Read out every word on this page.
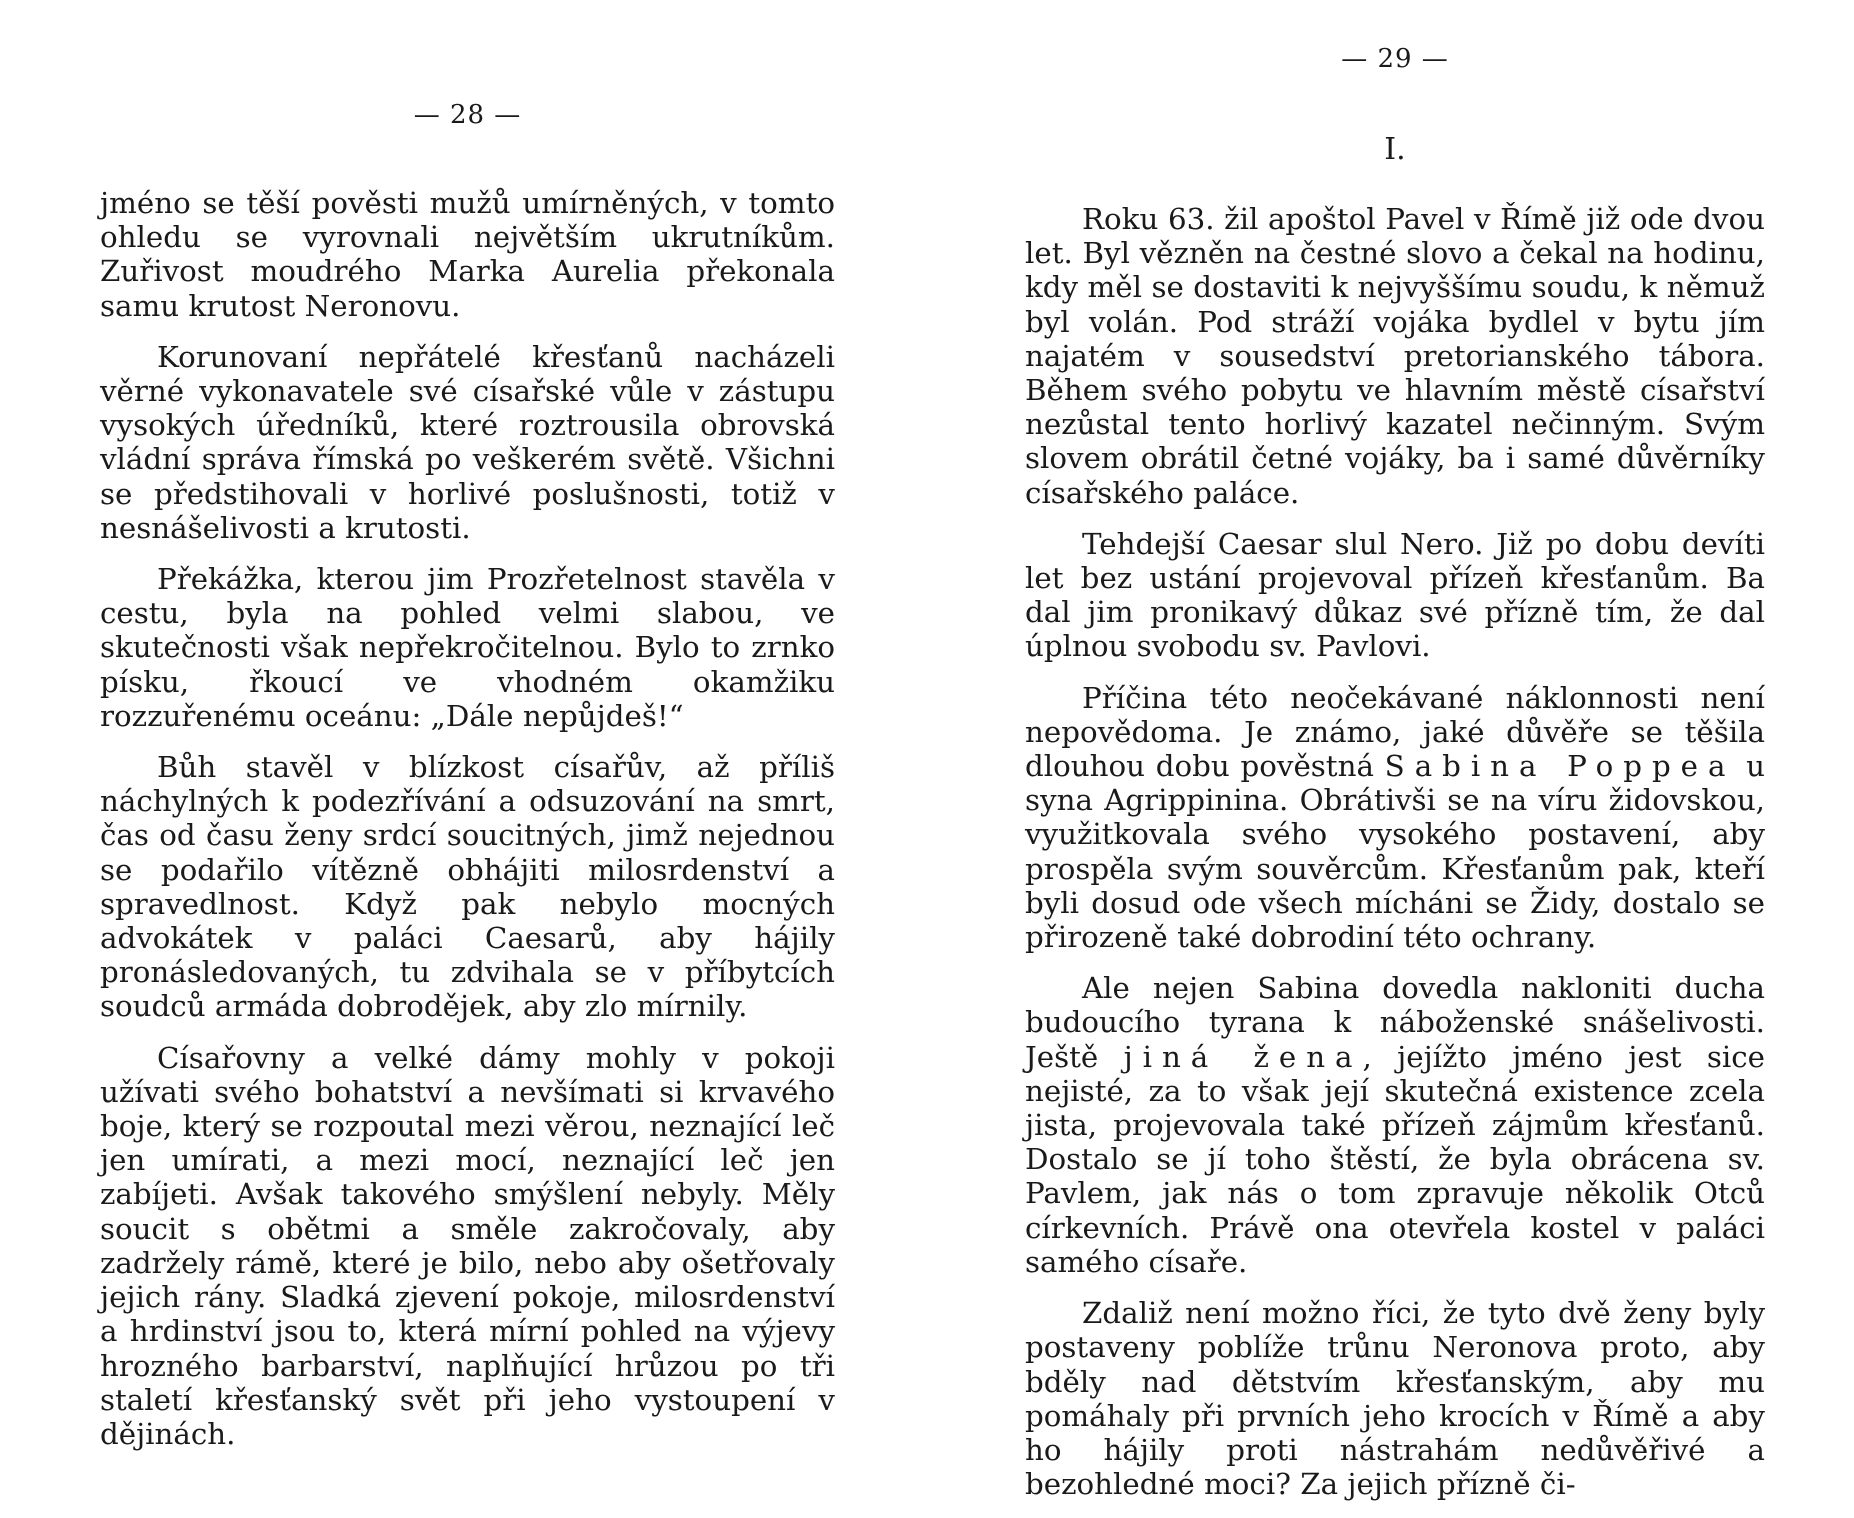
— 28 —

jméno se těší pověsti mužů umírněných, v tomto ohledu se vyrovnali největším ukrutníkům. Zuřivost moudrého Marka Aurelia překonala samu krutost Neronovu.

Korunovaní nepřátelé křesťanů nacházeli věrné vykonavatele své císařské vůle v zástupu vysokých úředníků, které roztrousila obrovská vládní správa římská po veškerém světě. Všichni se předstihovali v horlivé poslušnosti, totiž v nesnášelivosti a krutosti.

Překážka, kterou jim Prozřetelnost stavěla v cestu, byla na pohled velmi slabou, ve skutečnosti však nepřekročitelnou. Bylo to zrnko písku, řkoucí ve vhodném okamžiku rozzuřenému oceánu: „Dále nepůjdeš!“

Bůh stavěl v blízkost císařův, až příliš náchylných k podezřívání a odsuzování na smrt, čas od času ženy srdcí soucitných, jimž nejednou se podařilo vítězně obhájiti milosrdenství a spravedlnost. Když pak nebylo mocných advokátek v paláci Caesarů, aby hájily pronásledovaných, tu zdvihala se v příbytcích soudců armáda dobrodějek, aby zlo mírnily.

Císařovny a velké dámy mohly v pokoji užívati svého bohatství a nevšímati si krvavého boje, který se rozpoutal mezi věrou, neznající leč jen umírati, a mezi mocí, neznající leč jen zabíjeti. Avšak takového smýšlení nebyly. Měly soucit s obětmi a směle zakročovaly, aby zadržely rámě, které je bilo, nebo aby ošetřovaly jejich rány. Sladká zjevení pokoje, milosrdenství a hrdinství jsou to, která mírní pohled na výjevy hrozného barbarství, naplňující hrůzou po tři staletí křesťanský svět při jeho vystoupení v dějinách.

— 29 —
I.

Roku 63. žil apoštol Pavel v Římě již ode dvou let. Byl vězněn na čestné slovo a čekal na hodinu, kdy měl se dostaviti k nejvyššímu soudu, k němuž byl volán. Pod stráží vojáka bydlel v bytu jím najatém v sousedství pretorianského tábora. Během svého pobytu ve hlavním městě císařství nezůstal tento horlivý kazatel nečinným. Svým slovem obrátil četné vojáky, ba i samé důvěrníky císařského paláce.

Tehdejší Caesar slul Nero. Již po dobu devíti let bez ustání projevoval přízeň křesťanům. Ba dal jim pronikavý důkaz své přízně tím, že dal úplnou svobodu sv. Pavlovi.

Příčina této neočekávané náklonnosti není nepovědoma. Je známo, jaké důvěře se těšila dlouhou dobu pověstná Sabina Poppea u syna Agrippinina. Obrátivši se na víru židovskou, využitkovala svého vysokého postavení, aby prospěla svým souvěrcům. Křesťanům pak, kteří byli dosud ode všech mícháni se Židy, dostalo se přirozeně také dobrodiní této ochrany.

Ale nejen Sabina dovedla nakloniti ducha budoucího tyrana k náboženské snášelivosti. Ještě jiná žena, jejížto jméno jest sice nejisté, za to však její skutečná existence zcela jista, projevovala také přízeň zájmům křesťanů. Dostalo se jí toho štěstí, že byla obrácena sv. Pavlem, jak nás o tom zpravuje několik Otců církevních. Právě ona otevřela kostel v paláci samého císaře.

Zdaliž není možno říci, že tyto dvě ženy byly postaveny poblíže trůnu Neronova proto, aby bděly nad dětstvím křesťanským, aby mu pomáhaly při prvních jeho krocích v Římě a aby ho hájily proti nástrahám nedůvěřivé a bezohledné moci? Za jejich přízně či-
